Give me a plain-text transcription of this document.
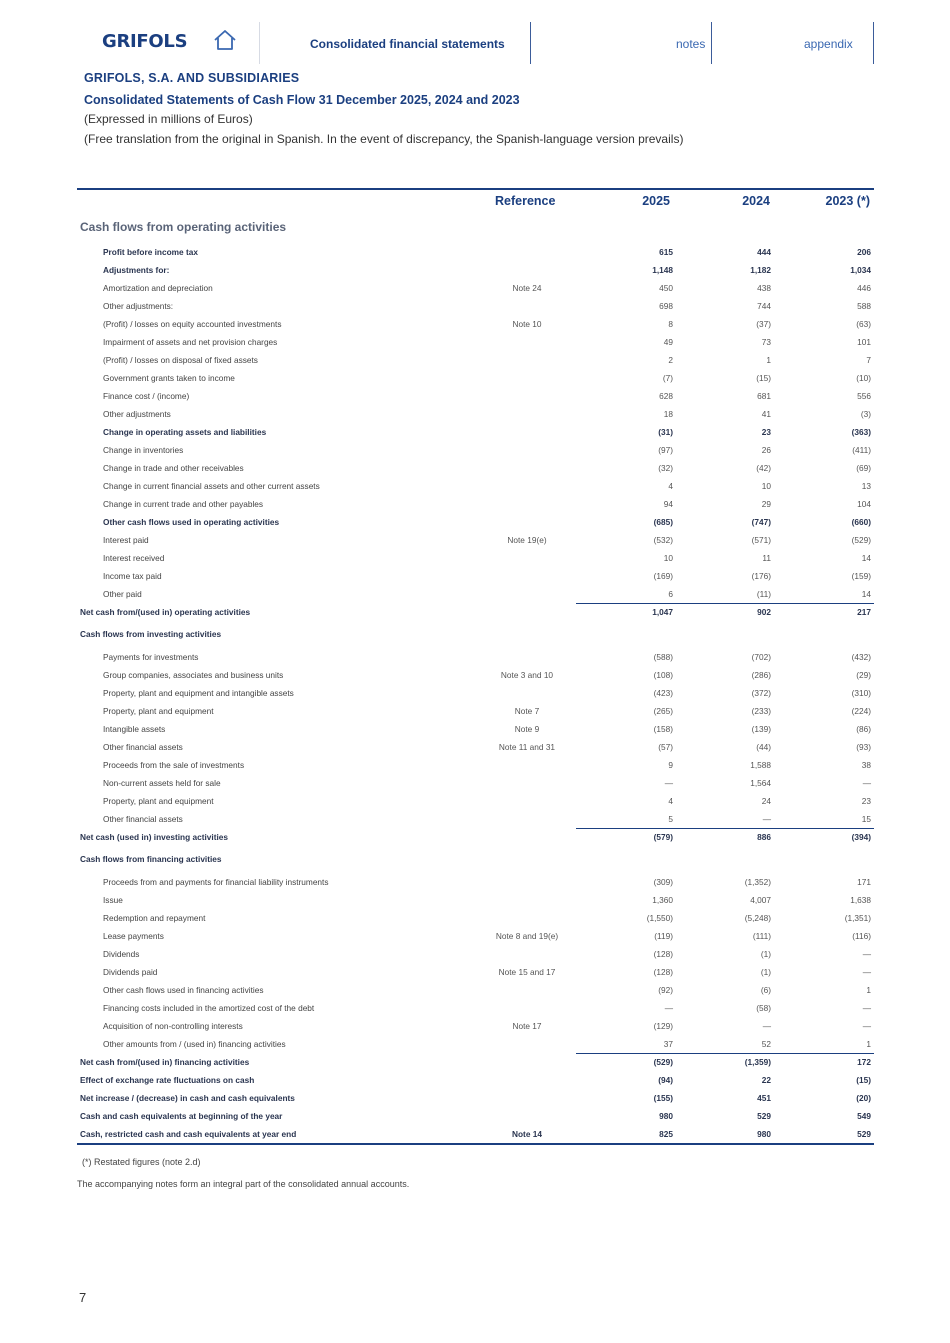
GRIFOLS	Consolidated financial statements	notes	appendix
GRIFOLS, S.A. AND SUBSIDIARIES
Consolidated Statements of Cash Flow 31 December 2025, 2024 and 2023
(Expressed in millions of Euros)
(Free translation from the original in Spanish. In the event of discrepancy, the Spanish-language version prevails)
Reference	2025	2024	2023 (*)
Cash flows from operating activities
Profit before income tax	615	444	206
Adjustments for:	1,148	1,182	1,034
Amortization and depreciation	Note 24	450	438	446
Other adjustments:	698	744	588
(Profit) / losses on equity accounted investments	Note 10	8	(37)	(63)
Impairment of assets and net provision charges	49	73	101
(Profit) / losses on disposal of fixed assets	2	1	7
Government grants taken to income	(7)	(15)	(10)
Finance cost / (income)	628	681	556
Other adjustments	18	41	(3)
Change in operating assets and liabilities	(31)	23	(363)
Change in inventories	(97)	26	(411)
Change in trade and other receivables	(32)	(42)	(69)
Change in current financial assets and other current assets	4	10	13
Change in current trade and other payables	94	29	104
Other cash flows used in operating activities	(685)	(747)	(660)
Interest paid	Note 19(e)	(532)	(571)	(529)
Interest received	10	11	14
Income tax paid	(169)	(176)	(159)
Other paid	6	(11)	14
Net cash from/(used in) operating activities	1,047	902	217
Cash flows from investing activities
Payments for investments	(588)	(702)	(432)
Group companies, associates and business units	Note 3 and 10	(108)	(286)	(29)
Property, plant and equipment and intangible assets	(423)	(372)	(310)
Property, plant and equipment	Note 7	(265)	(233)	(224)
Intangible assets	Note 9	(158)	(139)	(86)
Other financial assets	Note 11 and 31	(57)	(44)	(93)
Proceeds from the sale of investments	9	1,588	38
Non-current assets held for sale	—	1,564	—
Property, plant and equipment	4	24	23
Other financial assets	5	—	15
Net cash (used in) investing activities	(579)	886	(394)
Cash flows from financing activities
Proceeds from and payments for financial liability instruments	(309)	(1,352)	171
Issue	1,360	4,007	1,638
Redemption and repayment	(1,550)	(5,248)	(1,351)
Lease payments	Note 8 and 19(e)	(119)	(111)	(116)
Dividends	(128)	(1)	—
Dividends paid	Note 15 and 17	(128)	(1)	—
Other cash flows used in financing activities	(92)	(6)	1
Financing costs included in the amortized cost of the debt	—	(58)	—
Acquisition of non-controlling interests	Note 17	(129)	—	—
Other amounts from / (used in) financing activities	37	52	1
Net cash from/(used in) financing activities	(529)	(1,359)	172
Effect of exchange rate fluctuations on cash	(94)	22	(15)
Net increase / (decrease) in cash and cash equivalents	(155)	451	(20)
Cash and cash equivalents at beginning of the year	980	529	549
Cash, restricted cash and cash equivalents at year end	Note 14	825	980	529
(*) Restated figures (note 2.d)
The accompanying notes form an integral part of the consolidated annual accounts.
7
